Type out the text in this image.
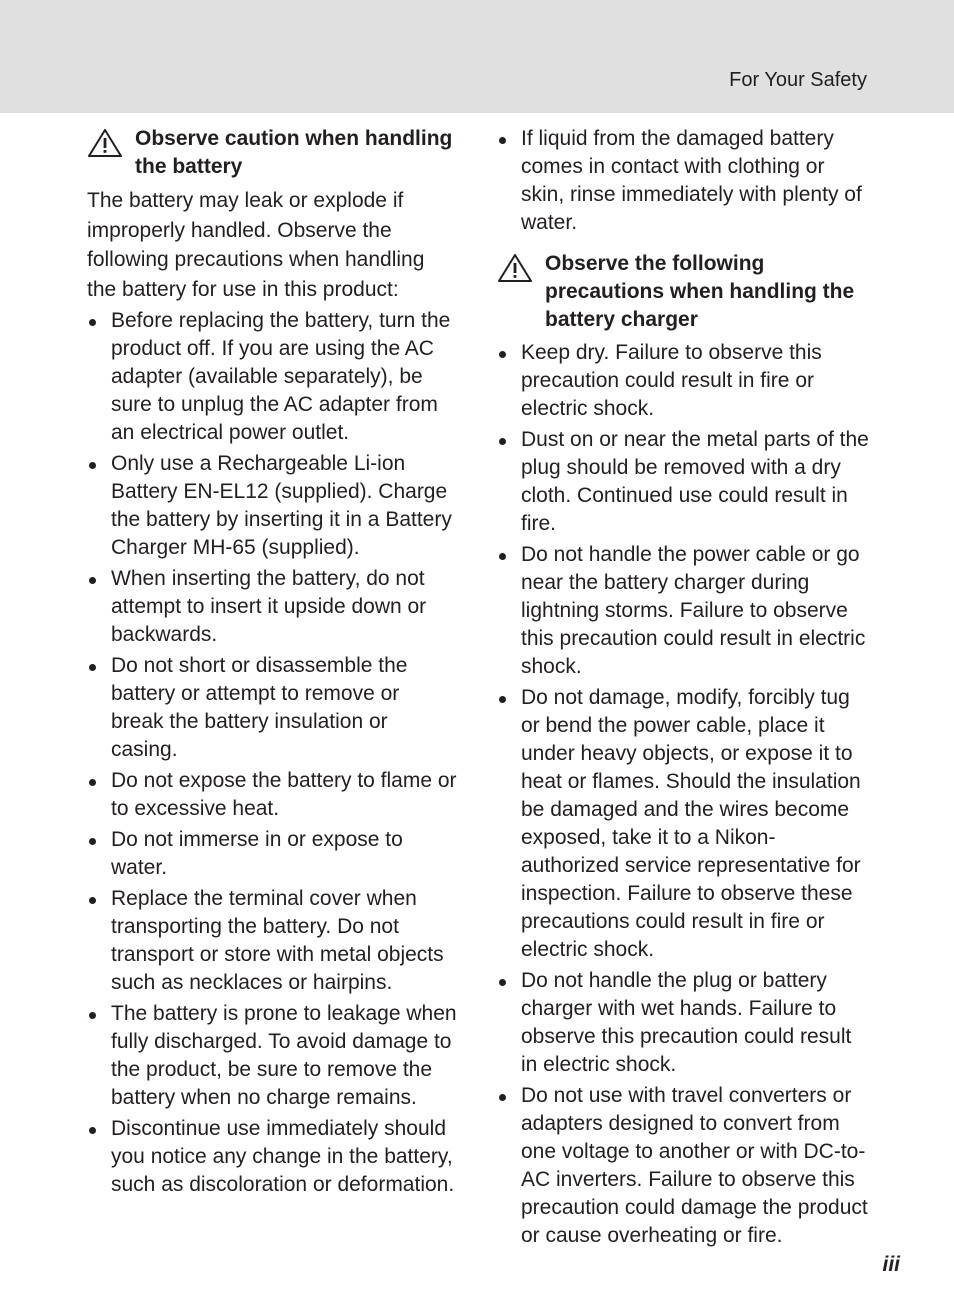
For Your Safety
Observe caution when handling the battery

The battery may leak or explode if improperly handled. Observe the following precautions when handling the battery for use in this product:

Before replacing the battery, turn the product off. If you are using the AC adapter (available separately), be sure to unplug the AC adapter from an electrical power outlet.
Only use a Rechargeable Li-ion Battery EN-EL12 (supplied). Charge the battery by inserting it in a Battery Charger MH-65 (supplied).
When inserting the battery, do not attempt to insert it upside down or backwards.
Do not short or disassemble the battery or attempt to remove or break the battery insulation or casing.
Do not expose the battery to flame or to excessive heat.
Do not immerse in or expose to water.
Replace the terminal cover when transporting the battery. Do not transport or store with metal objects such as necklaces or hairpins.
The battery is prone to leakage when fully discharged. To avoid damage to the product, be sure to remove the battery when no charge remains.
Discontinue use immediately should you notice any change in the battery, such as discoloration or deformation.
If liquid from the damaged battery comes in contact with clothing or skin, rinse immediately with plenty of water.
Observe the following precautions when handling the battery charger
Keep dry. Failure to observe this precaution could result in fire or electric shock.
Dust on or near the metal parts of the plug should be removed with a dry cloth. Continued use could result in fire.
Do not handle the power cable or go near the battery charger during lightning storms. Failure to observe this precaution could result in electric shock.
Do not damage, modify, forcibly tug or bend the power cable, place it under heavy objects, or expose it to heat or flames. Should the insulation be damaged and the wires become exposed, take it to a Nikon-authorized service representative for inspection. Failure to observe these precautions could result in fire or electric shock.
Do not handle the plug or battery charger with wet hands. Failure to observe this precaution could result in electric shock.
Do not use with travel converters or adapters designed to convert from one voltage to another or with DC-to-AC inverters. Failure to observe this precaution could damage the product or cause overheating or fire.
iii
